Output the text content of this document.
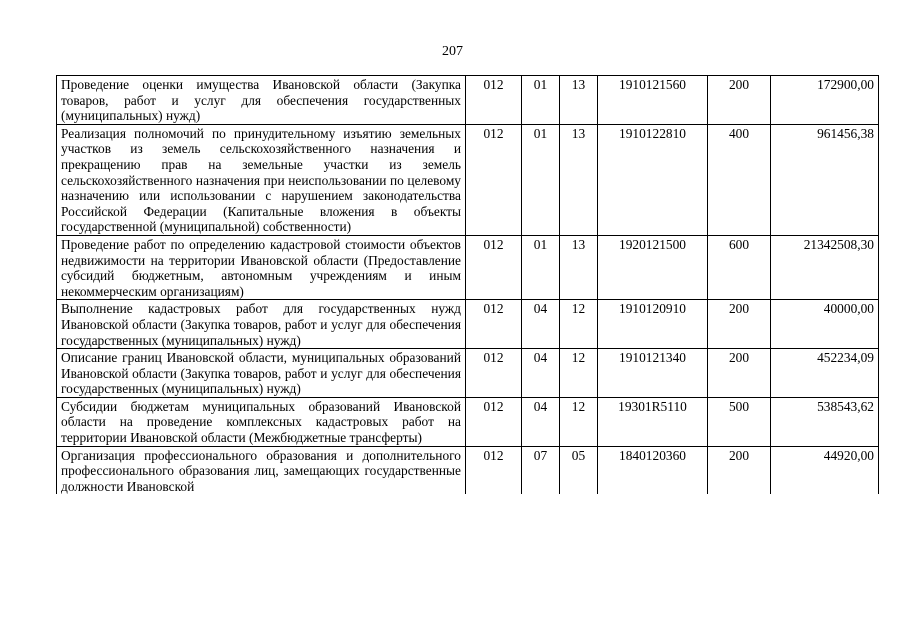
207
Проведение оценки имущества Ивановской области (Закупка товаров, работ и услуг для обеспечения государственных (муниципальных) нужд)	012	01	13	1910121560	200	172900,00
Реализация полномочий по принудительному изъятию земельных участков из земель сельскохозяйственного назначения и прекращению прав на земельные участки из земель сельскохозяйственного назначения при неиспользовании по целевому назначению или использовании с нарушением законодательства Российской Федерации (Капитальные вложения в объекты государственной (муниципальной) собственности)	012	01	13	1910122810	400	961456,38
Проведение работ по определению кадастровой стоимости объектов недвижимости на территории Ивановской области (Предоставление субсидий бюджетным, автономным учреждениям и иным некоммерческим организациям)	012	01	13	1920121500	600	21342508,30
Выполнение кадастровых работ для государственных нужд Ивановской области (Закупка товаров, работ и услуг для обеспечения государственных (муниципальных) нужд)	012	04	12	1910120910	200	40000,00
Описание границ Ивановской области, муниципальных образований Ивановской области (Закупка товаров, работ и услуг для обеспечения государственных (муниципальных) нужд)	012	04	12	1910121340	200	452234,09
Субсидии бюджетам муниципальных образований Ивановской области на проведение комплексных кадастровых работ на территории Ивановской области (Межбюджетные трансферты)	012	04	12	19301R5110	500	538543,62
Организация профессионального образования и дополнительного профессионального образования лиц, замещающих государственные должности Ивановской	012	07	05	1840120360	200	44920,00
